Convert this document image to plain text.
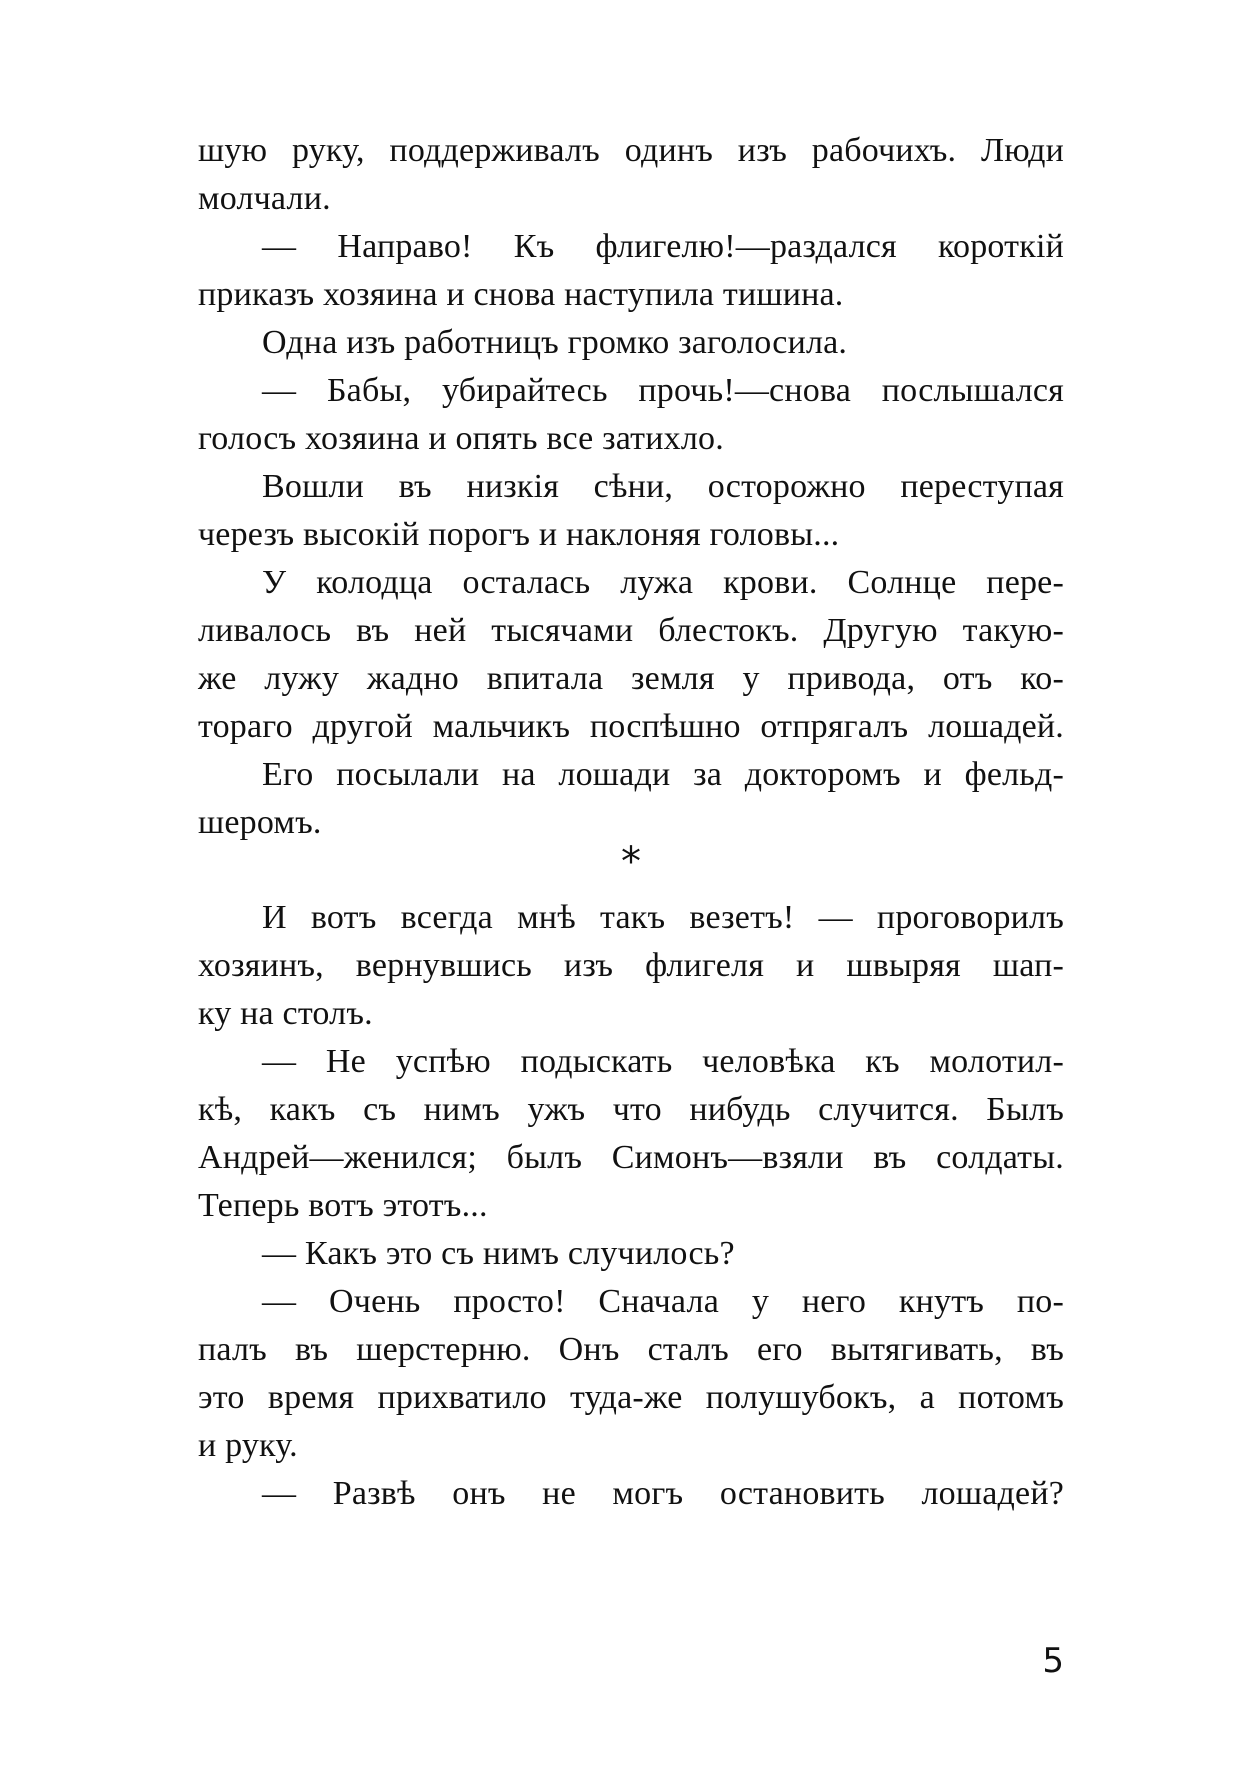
шую руку, поддерживалъ одинъ изъ рабочихъ. Люди
молчали.
— Направо! Къ флигелю!—раздался короткій
приказъ хозяина и снова наступила тишина.
Одна изъ работницъ громко заголосила.
— Бабы, убирайтесь прочь!—снова послышался
голосъ хозяина и опять все затихло.
Вошли въ низкія сѣни, осторожно переступая
черезъ высокій порогъ и наклоняя головы...
У колодца осталась лужа крови. Солнце пере-
ливалось въ ней тысячами блестокъ. Другую такую-
же лужу жадно впитала земля у привода, отъ ко-
тораго другой мальчикъ поспѣшно отпрягалъ лошадей.
Его посылали на лошади за докторомъ и фельд-
шеромъ.
*
И вотъ всегда мнѣ такъ везетъ! — проговорилъ
хозяинъ, вернувшись изъ флигеля и швыряя шап-
ку на столъ.
— Не успѣю подыскать человѣка къ молотил-
кѣ, какъ съ нимъ ужъ что нибудь случится. Былъ
Андрей—женился; былъ Симонъ—взяли въ солдаты.
Теперь вотъ этотъ...
— Какъ это съ нимъ случилось?
— Очень просто! Сначала у него кнутъ по-
палъ въ шерстерню. Онъ сталъ его вытягивать, въ
это время прихватило туда-же полушубокъ, а потомъ
и руку.
— Развѣ онъ не могъ остановить лошадей?
5
